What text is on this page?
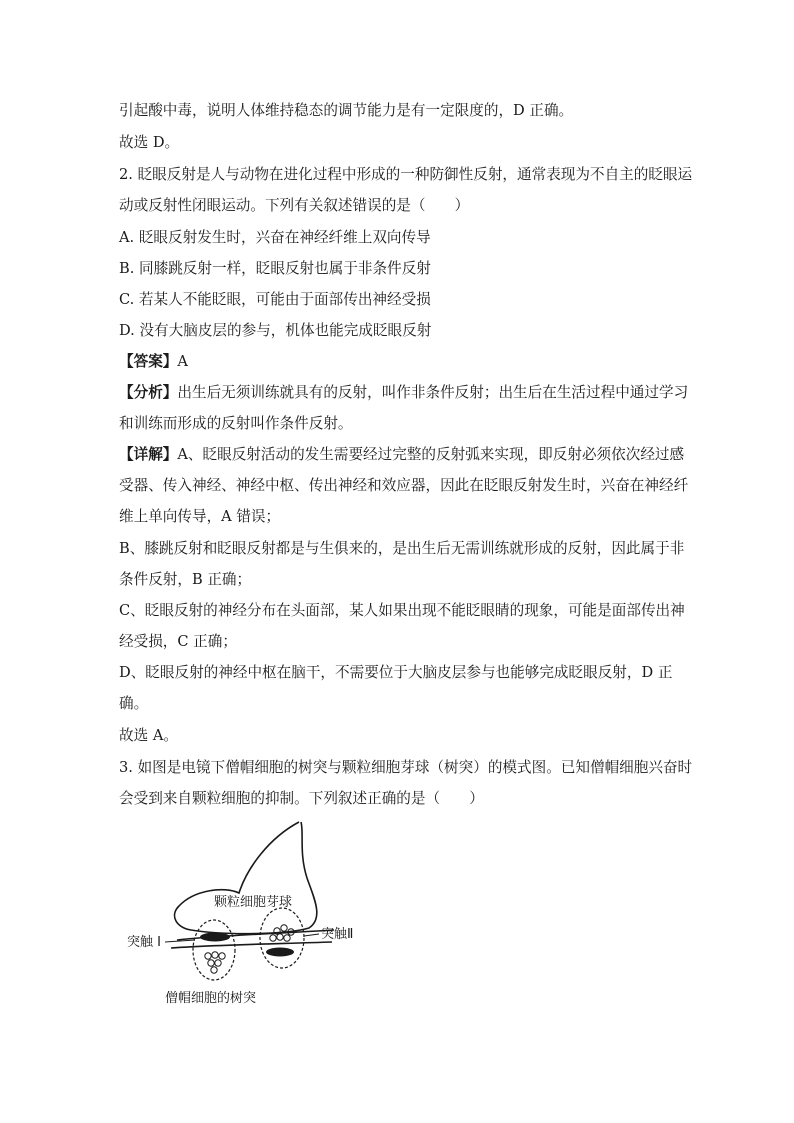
引起酸中毒，说明人体维持稳态的调节能力是有一定限度的，D 正确。
故选 D。
2. 眨眼反射是人与动物在进化过程中形成的一种防御性反射，通常表现为不自主的眨眼运
动或反射性闭眼运动。下列有关叙述错误的是（　　）
A. 眨眼反射发生时，兴奋在神经纤维上双向传导
B. 同膝跳反射一样，眨眼反射也属于非条件反射
C. 若某人不能眨眼，可能由于面部传出神经受损
D. 没有大脑皮层的参与，机体也能完成眨眼反射
【答案】A
【分析】出生后无须训练就具有的反射，叫作非条件反射；出生后在生活过程中通过学习
和训练而形成的反射叫作条件反射。
【详解】A、眨眼反射活动的发生需要经过完整的反射弧来实现，即反射必须依次经过感
受器、传入神经、神经中枢、传出神经和效应器，因此在眨眼反射发生时，兴奋在神经纤
维上单向传导，A 错误；
B、膝跳反射和眨眼反射都是与生俱来的，是出生后无需训练就形成的反射，因此属于非
条件反射，B 正确；
C、眨眼反射的神经分布在头面部，某人如果出现不能眨眼睛的现象，可能是面部传出神
经受损，C 正确；
D、眨眼反射的神经中枢在脑干，不需要位于大脑皮层参与也能够完成眨眼反射，D 正
确。
故选 A。
3. 如图是电镜下僧帽细胞的树突与颗粒细胞芽球（树突）的模式图。已知僧帽细胞兴奋时
会受到来自颗粒细胞的抑制。下列叙述正确的是（　　）
颗粒细胞芽球
突触 I
突触Ⅱ
僧帽细胞的树突
